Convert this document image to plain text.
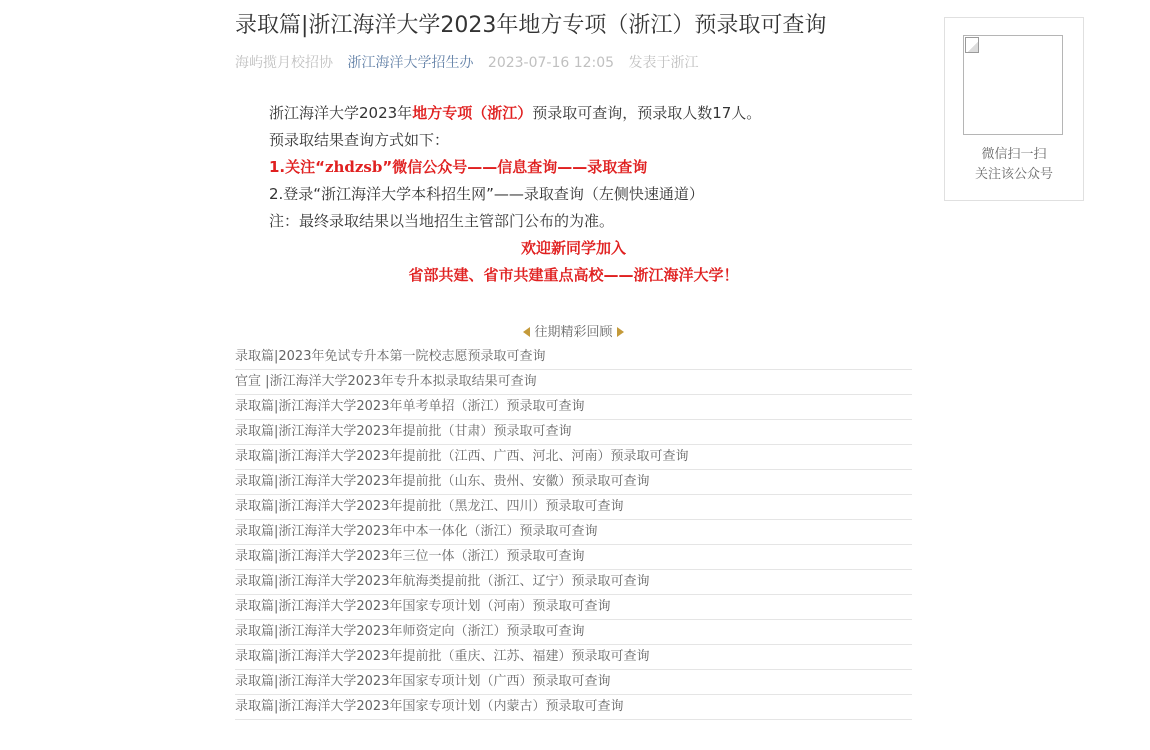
录取篇|浙江海洋大学2023年地方专项（浙江）预录取可查询
海屿揽月校招协 浙江海洋大学招生办 2023-07-16 12:05 发表于浙江

浙江海洋大学2023年地方专项（浙江）预录取可查询，预录取人数17人。

预录取结果查询方式如下：

1.关注“zhdzsb”微信公众号——信息查询——录取查询

2.登录“浙江海洋大学本科招生网”——录取查询（左侧快速通道）

注：最终录取结果以当地招生主管部门公布的为准。

欢迎新同学加入

省部共建、省市共建重点高校——浙江海洋大学！

往期精彩回顾
录取篇|2023年免试专升本第一院校志愿预录取可查询
官宣 |浙江海洋大学2023年专升本拟录取结果可查询
录取篇|浙江海洋大学2023年单考单招（浙江）预录取可查询
录取篇|浙江海洋大学2023年提前批（甘肃）预录取可查询
录取篇|浙江海洋大学2023年提前批（江西、广西、河北、河南）预录取可查询
录取篇|浙江海洋大学2023年提前批（山东、贵州、安徽）预录取可查询
录取篇|浙江海洋大学2023年提前批（黑龙江、四川）预录取可查询
录取篇|浙江海洋大学2023年中本一体化（浙江）预录取可查询
录取篇|浙江海洋大学2023年三位一体（浙江）预录取可查询
录取篇|浙江海洋大学2023年航海类提前批（浙江、辽宁）预录取可查询
录取篇|浙江海洋大学2023年国家专项计划（河南）预录取可查询
录取篇|浙江海洋大学2023年师资定向（浙江）预录取可查询
录取篇|浙江海洋大学2023年提前批（重庆、江苏、福建）预录取可查询
录取篇|浙江海洋大学2023年国家专项计划（广西）预录取可查询
录取篇|浙江海洋大学2023年国家专项计划（内蒙古）预录取可查询
微信扫一扫
关注该公众号
